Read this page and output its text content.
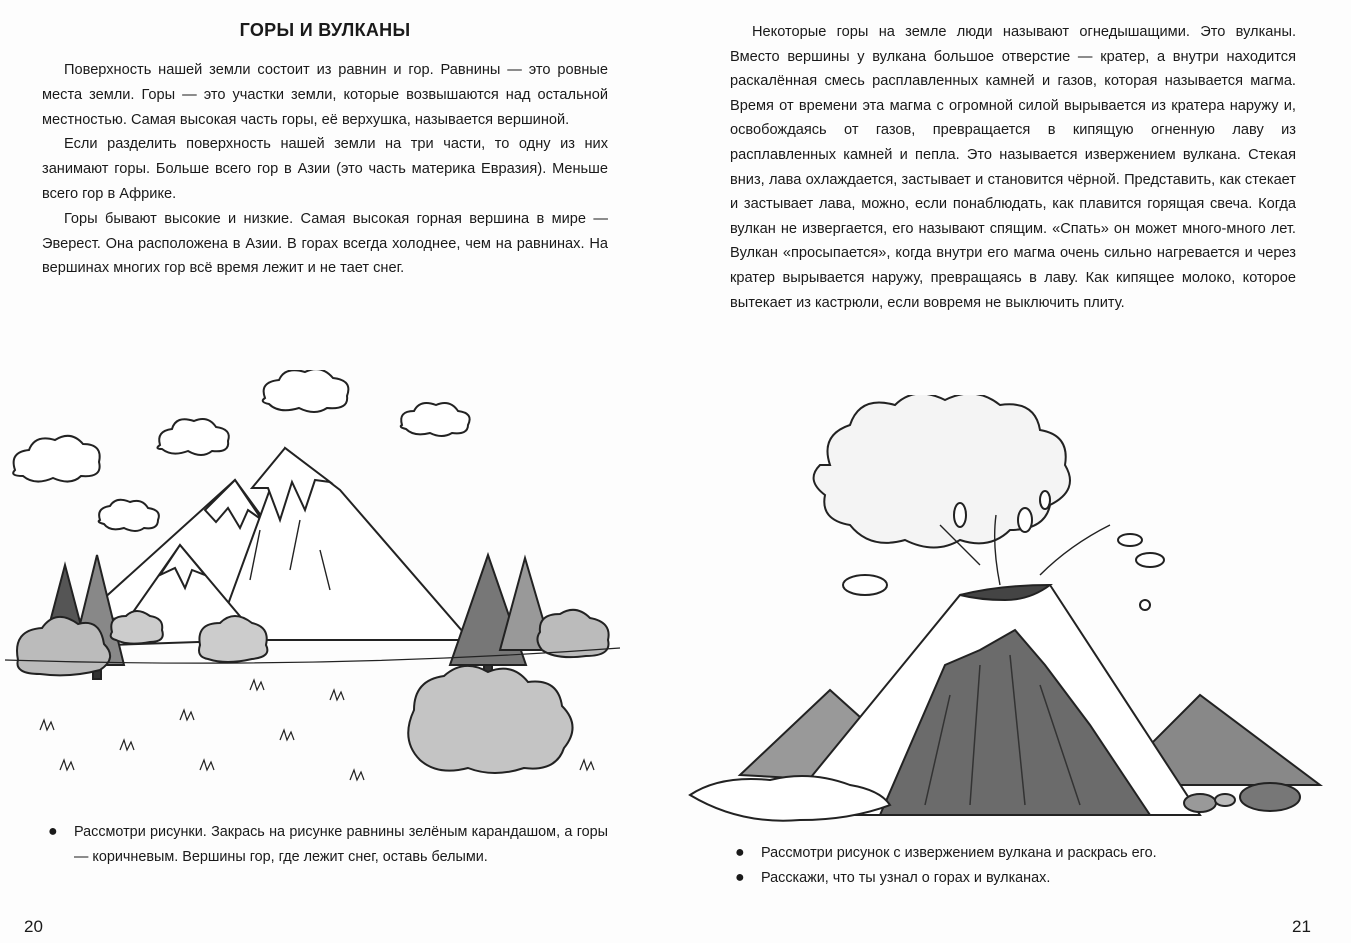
ГОРЫ И ВУЛКАНЫ

Поверхность нашей земли состоит из равнин и гор. Равнины — это ровные места земли. Горы — это участки земли, которые возвышаются над остальной местностью. Самая высокая часть горы, её верхушка, называется вершиной.

Если разделить поверхность нашей земли на три части, то одну из них занимают горы. Больше всего гор в Азии (это часть материка Евразия). Меньше всего гор в Африке.

Горы бывают высокие и низкие. Самая высокая горная вершина в мире — Эверест. Она расположена в Азии. В горах всегда холоднее, чем на равнинах. На вершинах многих гор всё время лежит и не тает снег.

● Рассмотри рисунки. Закрась на рисунке равнины зелёным карандашом, а горы — коричневым. Вершины гор, где лежит снег, оставь белыми.

20

Некоторые горы на земле люди называют огнедышащими. Это вулканы. Вместо вершины у вулкана большое отверстие — кратер, а внутри находится раскалённая смесь расплавленных камней и газов, которая называется магма. Время от времени эта магма с огромной силой вырывается из кратера наружу и, освобождаясь от газов, превращается в кипящую огненную лаву из расплавленных камней и пепла. Это называется извержением вулкана. Стекая вниз, лава охлаждается, застывает и становится чёрной. Представить, как стекает и застывает лава, можно, если понаблюдать, как плавится горящая свеча. Когда вулкан не извергается, его называют спящим. «Спать» он может много-много лет. Вулкан «просыпается», когда внутри его магма очень сильно нагревается и через кратер вырывается наружу, превращаясь в лаву. Как кипящее молоко, которое вытекает из кастрюли, если вовремя не выключить плиту.

● Рассмотри рисунок с извержением вулкана и раскрась его.

● Расскажи, что ты узнал о горах и вулканах.

21
